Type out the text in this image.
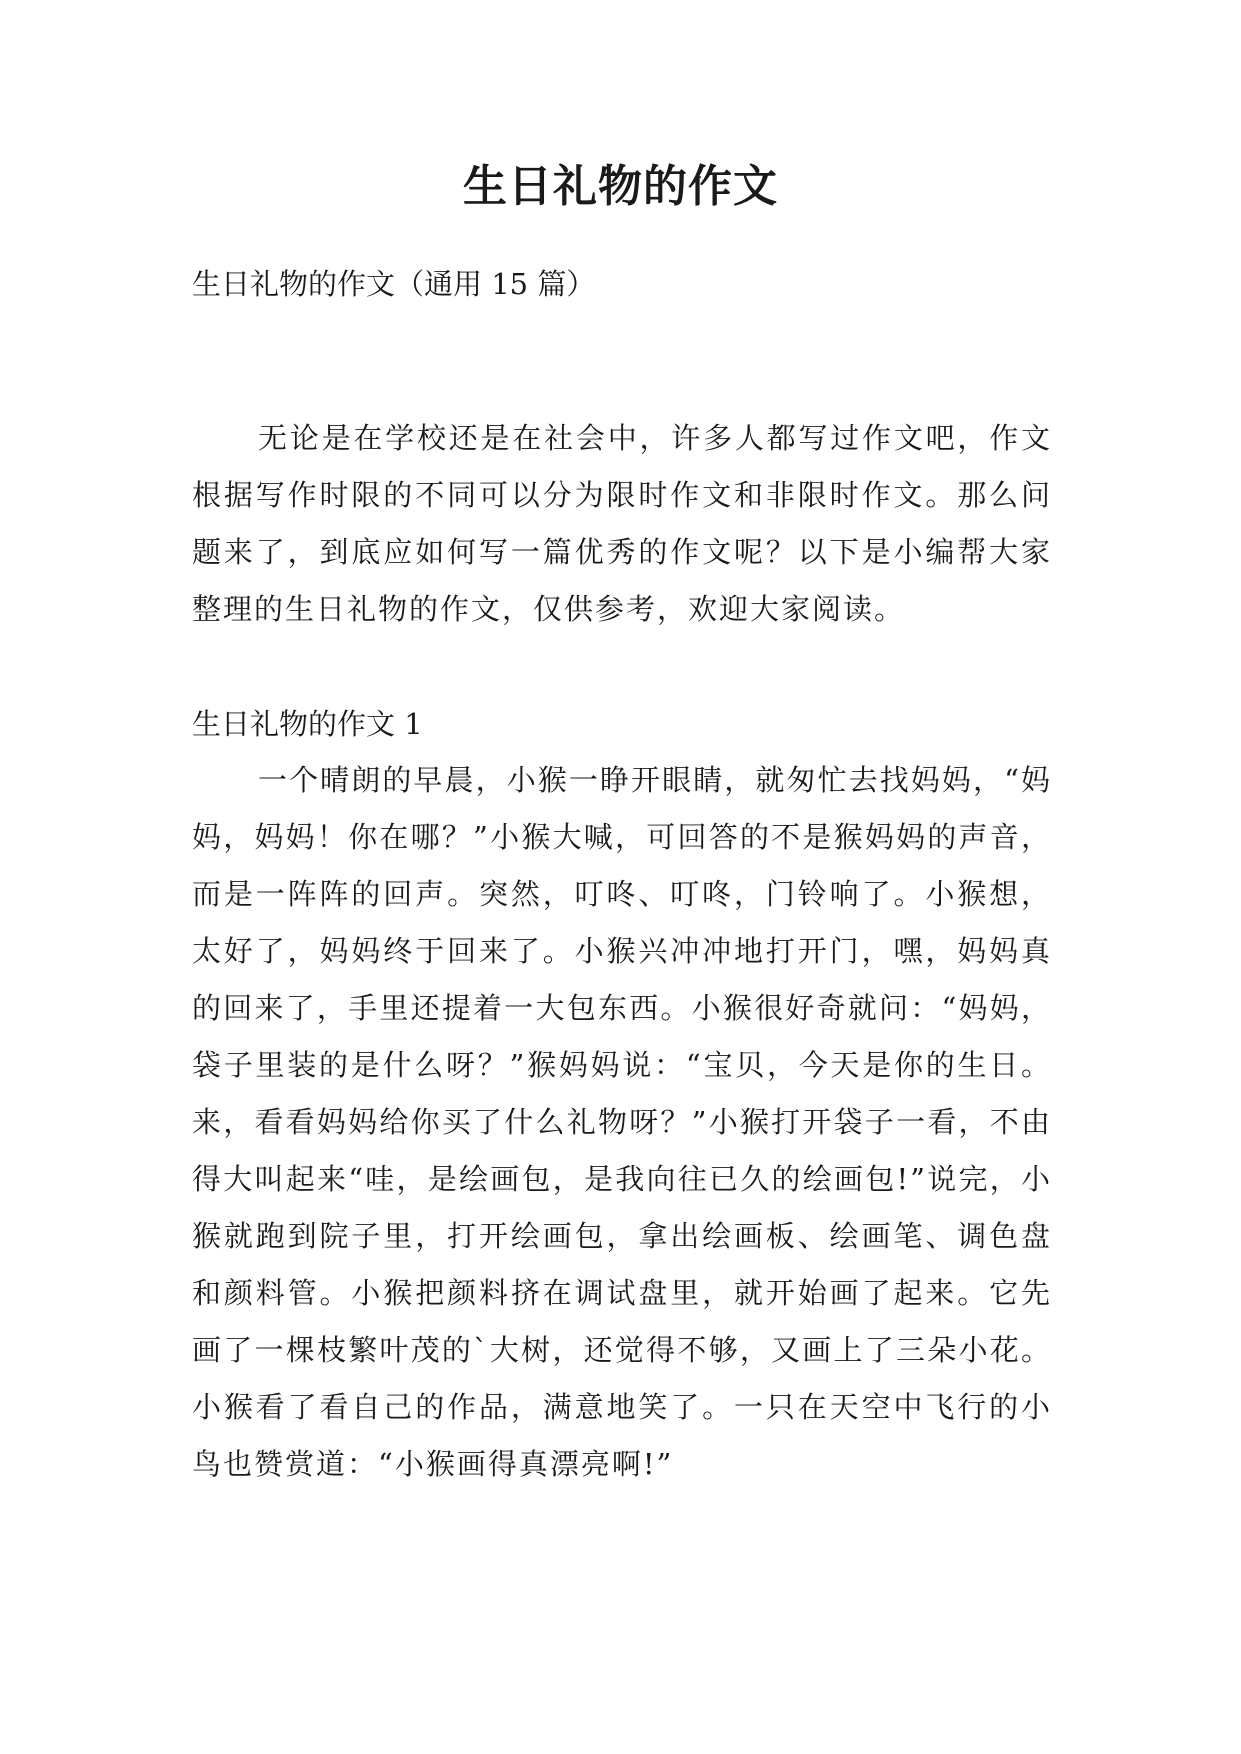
生日礼物的作文

生日礼物的作文（通用 15 篇）

无论是在学校还是在社会中，许多人都写过作文吧，作文根据写作时限的不同可以分为限时作文和非限时作文。那么问题来了，到底应如何写一篇优秀的作文呢？以下是小编帮大家整理的生日礼物的作文，仅供参考，欢迎大家阅读。

生日礼物的作文 1

一个晴朗的早晨，小猴一睁开眼睛，就匆忙去找妈妈，“妈妈，妈妈！你在哪？”小猴大喊，可回答的不是猴妈妈的声音，而是一阵阵的回声。突然，叮咚、叮咚，门铃响了。小猴想，太好了，妈妈终于回来了。小猴兴冲冲地打开门，嘿，妈妈真的回来了，手里还提着一大包东西。小猴很好奇就问：“妈妈，袋子里装的是什么呀？”猴妈妈说：“宝贝，今天是你的生日。来，看看妈妈给你买了什么礼物呀？”小猴打开袋子一看，不由得大叫起来“哇，是绘画包，是我向往已久的绘画包!”说完，小猴就跑到院子里，打开绘画包，拿出绘画板、绘画笔、调色盘和颜料管。小猴把颜料挤在调试盘里，就开始画了起来。它先画了一棵枝繁叶茂的`大树，还觉得不够，又画上了三朵小花。小猴看了看自己的作品，满意地笑了。一只在天空中飞行的小鸟也赞赏道：“小猴画得真漂亮啊!”
